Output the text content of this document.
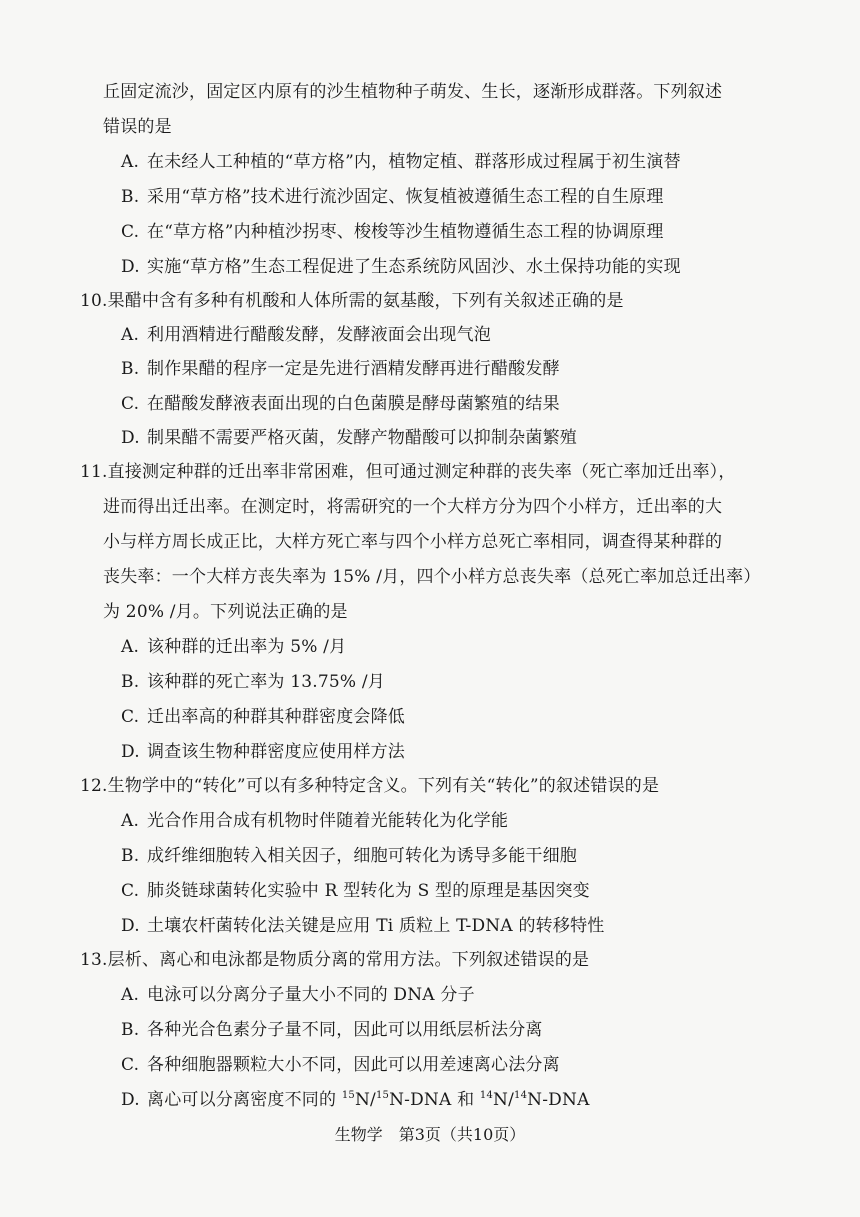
丘固定流沙，固定区内原有的沙生植物种子萌发、生长，逐渐形成群落。下列叙述
错误的是
A. 在未经人工种植的“草方格”内，植物定植、群落形成过程属于初生演替
B. 采用“草方格”技术进行流沙固定、恢复植被遵循生态工程的自生原理
C. 在“草方格”内种植沙拐枣、梭梭等沙生植物遵循生态工程的协调原理
D. 实施“草方格”生态工程促进了生态系统防风固沙、水土保持功能的实现
10.果醋中含有多种有机酸和人体所需的氨基酸，下列有关叙述正确的是
A. 利用酒精进行醋酸发酵，发酵液面会出现气泡
B. 制作果醋的程序一定是先进行酒精发酵再进行醋酸发酵
C. 在醋酸发酵液表面出现的白色菌膜是酵母菌繁殖的结果
D. 制果醋不需要严格灭菌，发酵产物醋酸可以抑制杂菌繁殖
11.直接测定种群的迁出率非常困难，但可通过测定种群的丧失率（死亡率加迁出率），
进而得出迁出率。在测定时，将需研究的一个大样方分为四个小样方，迁出率的大
小与样方周长成正比，大样方死亡率与四个小样方总死亡率相同，调查得某种群的
丧失率：一个大样方丧失率为 15% /月，四个小样方总丧失率（总死亡率加总迁出率）
为 20% /月。下列说法正确的是
A. 该种群的迁出率为 5% /月
B. 该种群的死亡率为 13.75% /月
C. 迁出率高的种群其种群密度会降低
D. 调查该生物种群密度应使用样方法
12.生物学中的“转化”可以有多种特定含义。下列有关“转化”的叙述错误的是
A. 光合作用合成有机物时伴随着光能转化为化学能
B. 成纤维细胞转入相关因子，细胞可转化为诱导多能干细胞
C. 肺炎链球菌转化实验中 R 型转化为 S 型的原理是基因突变
D. 土壤农杆菌转化法关键是应用 Ti 质粒上 T-DNA 的转移特性
13.层析、离心和电泳都是物质分离的常用方法。下列叙述错误的是
A. 电泳可以分离分子量大小不同的 DNA 分子
B. 各种光合色素分子量不同，因此可以用纸层析法分离
C. 各种细胞器颗粒大小不同，因此可以用差速离心法分离
D. 离心可以分离密度不同的 $^{15}$N/$^{15}$N-DNA 和 $^{14}$N/$^{14}$N-DNA
生物学　第3页（共10页）
